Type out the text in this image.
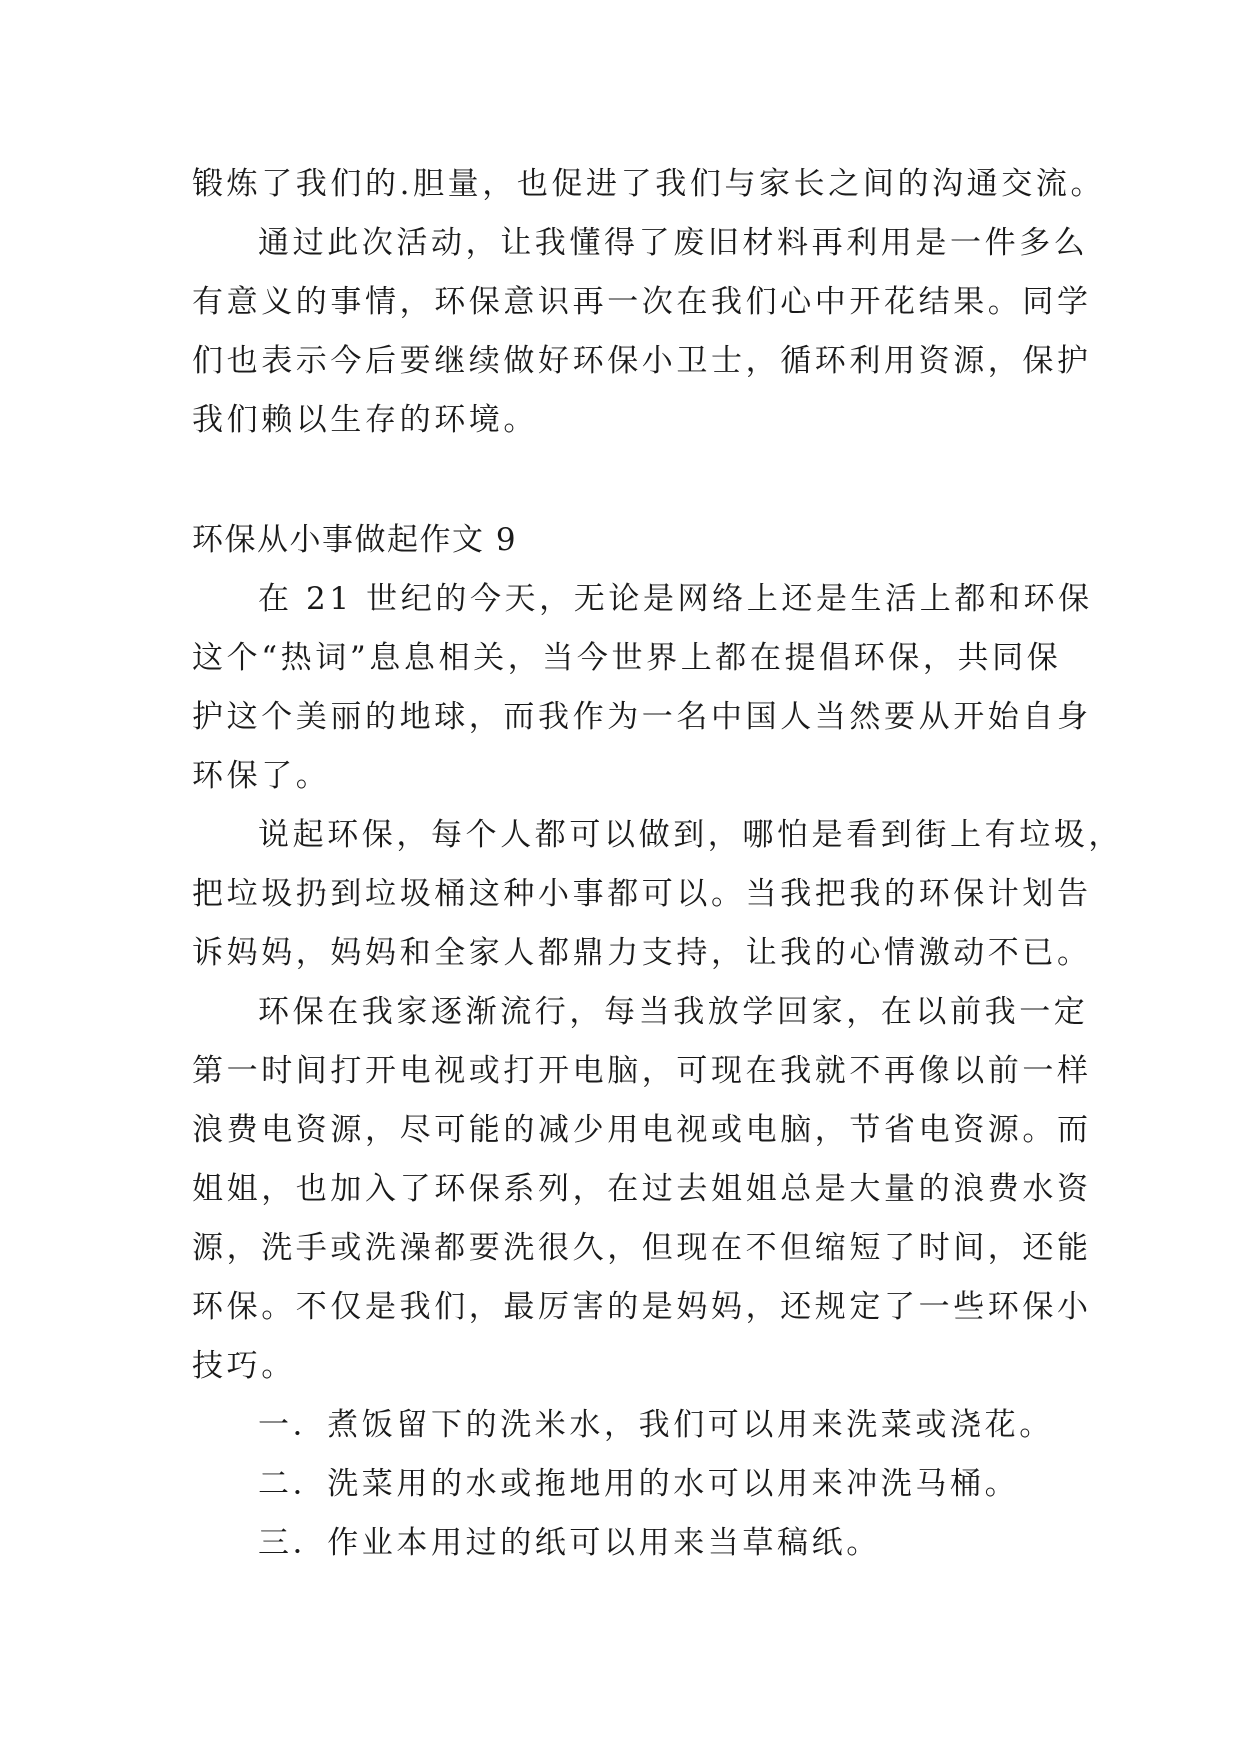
锻炼了我们的.胆量，也促进了我们与家长之间的沟通交流。
通过此次活动，让我懂得了废旧材料再利用是一件多么
有意义的事情，环保意识再一次在我们心中开花结果。同学
们也表示今后要继续做好环保小卫士，循环利用资源，保护
我们赖以生存的环境。
环保从小事做起作文 9
在 21 世纪的今天，无论是网络上还是生活上都和环保
这个“热词”息息相关，当今世界上都在提倡环保，共同保
护这个美丽的地球，而我作为一名中国人当然要从开始自身
环保了。
说起环保，每个人都可以做到，哪怕是看到街上有垃圾，
把垃圾扔到垃圾桶这种小事都可以。当我把我的环保计划告
诉妈妈，妈妈和全家人都鼎力支持，让我的心情激动不已。
环保在我家逐渐流行，每当我放学回家，在以前我一定
第一时间打开电视或打开电脑，可现在我就不再像以前一样
浪费电资源，尽可能的减少用电视或电脑，节省电资源。而
姐姐，也加入了环保系列，在过去姐姐总是大量的浪费水资
源，洗手或洗澡都要洗很久，但现在不但缩短了时间，还能
环保。不仅是我们，最厉害的是妈妈，还规定了一些环保小
技巧。
一．煮饭留下的洗米水，我们可以用来洗菜或浇花。
二．洗菜用的水或拖地用的水可以用来冲洗马桶。
三．作业本用过的纸可以用来当草稿纸。
